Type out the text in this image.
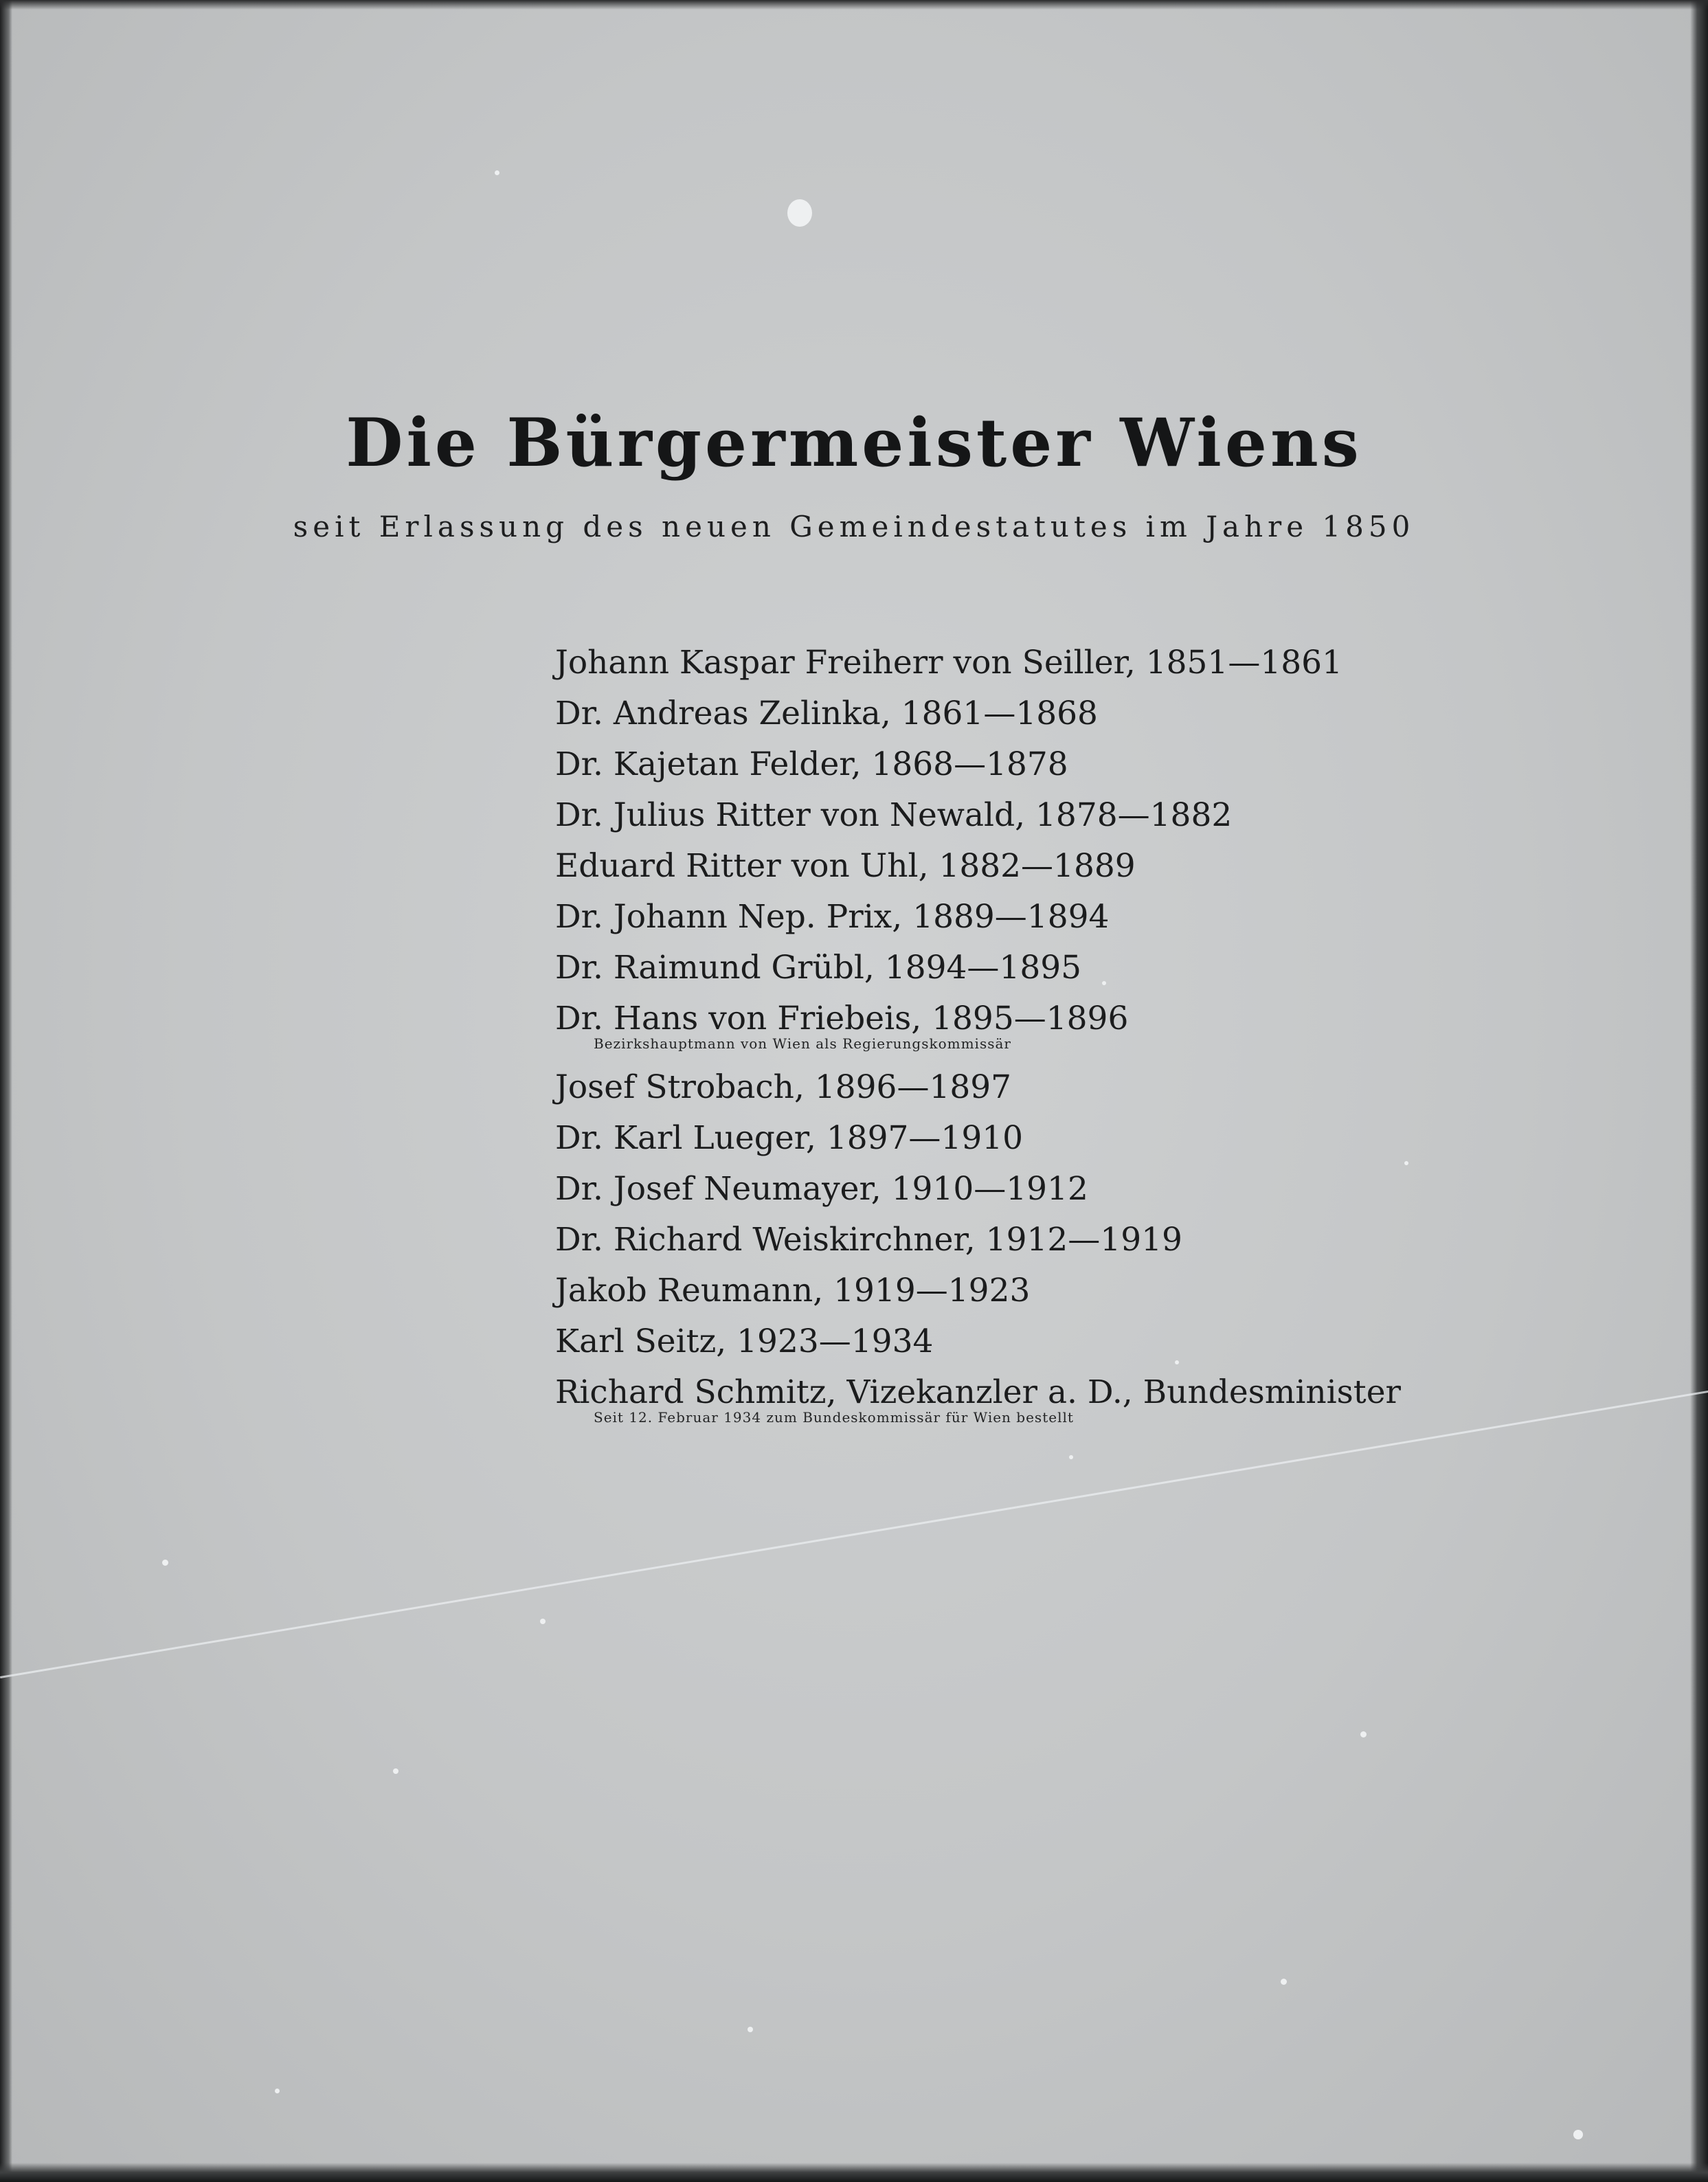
Die Bürgermeister Wiens

seit Erlassung des neuen Gemeindestatutes im Jahre 1850

Johann Kaspar Freiherr von Seiller, 1851—1861
Dr. Andreas Zelinka, 1861—1868
Dr. Kajetan Felder, 1868—1878
Dr. Julius Ritter von Newald, 1878—1882
Eduard Ritter von Uhl, 1882—1889
Dr. Johann Nep. Prix, 1889—1894
Dr. Raimund Grübl, 1894—1895
Dr. Hans von Friebeis, 1895—1896
Bezirkshauptmann von Wien als Regierungskommissär
Josef Strobach, 1896—1897
Dr. Karl Lueger, 1897—1910
Dr. Josef Neumayer, 1910—1912
Dr. Richard Weiskirchner, 1912—1919
Jakob Reumann, 1919—1923
Karl Seitz, 1923—1934
Richard Schmitz, Vizekanzler a. D., Bundesminister
Seit 12. Februar 1934 zum Bundeskommissär für Wien bestellt
